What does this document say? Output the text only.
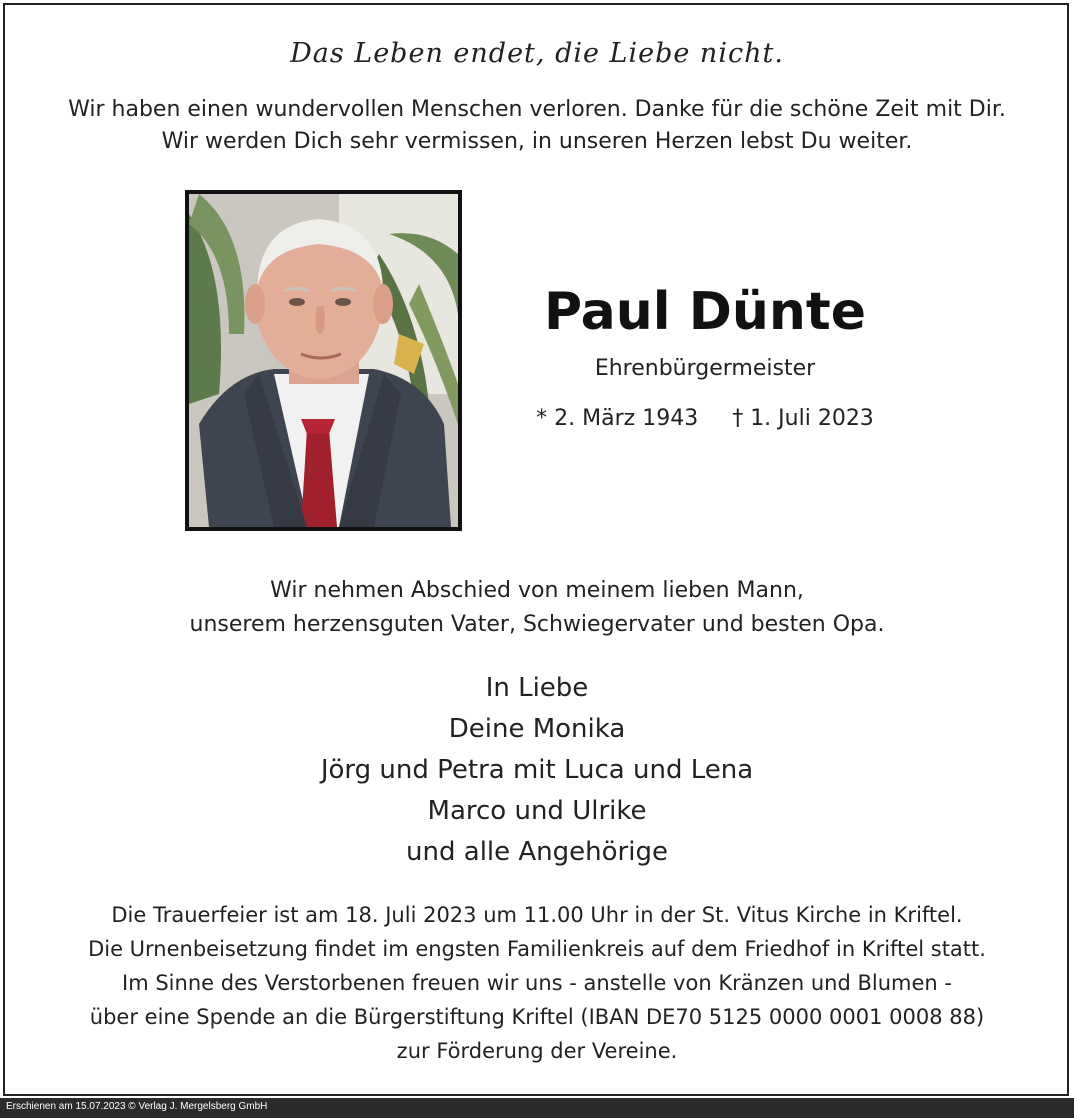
Das Leben endet, die Liebe nicht.
Wir haben einen wundervollen Menschen verloren. Danke für die schöne Zeit mit Dir.
Wir werden Dich sehr vermissen, in unseren Herzen lebst Du weiter.
Paul Dünte
Ehrenbürgermeister
* 2. März 1943 † 1. Juli 2023
Wir nehmen Abschied von meinem lieben Mann,
unserem herzensguten Vater, Schwiegervater und besten Opa.
In Liebe
Deine Monika
Jörg und Petra mit Luca und Lena
Marco und Ulrike
und alle Angehörige
Die Trauerfeier ist am 18. Juli 2023 um 11.00 Uhr in der St. Vitus Kirche in Kriftel.
Die Urnenbeisetzung findet im engsten Familienkreis auf dem Friedhof in Kriftel statt.
Im Sinne des Verstorbenen freuen wir uns - anstelle von Kränzen und Blumen -
über eine Spende an die Bürgerstiftung Kriftel (IBAN DE70 5125 0000 0001 0008 88)
zur Förderung der Vereine.
Erschienen am 15.07.2023 © Verlag J. Mergelsberg GmbH
